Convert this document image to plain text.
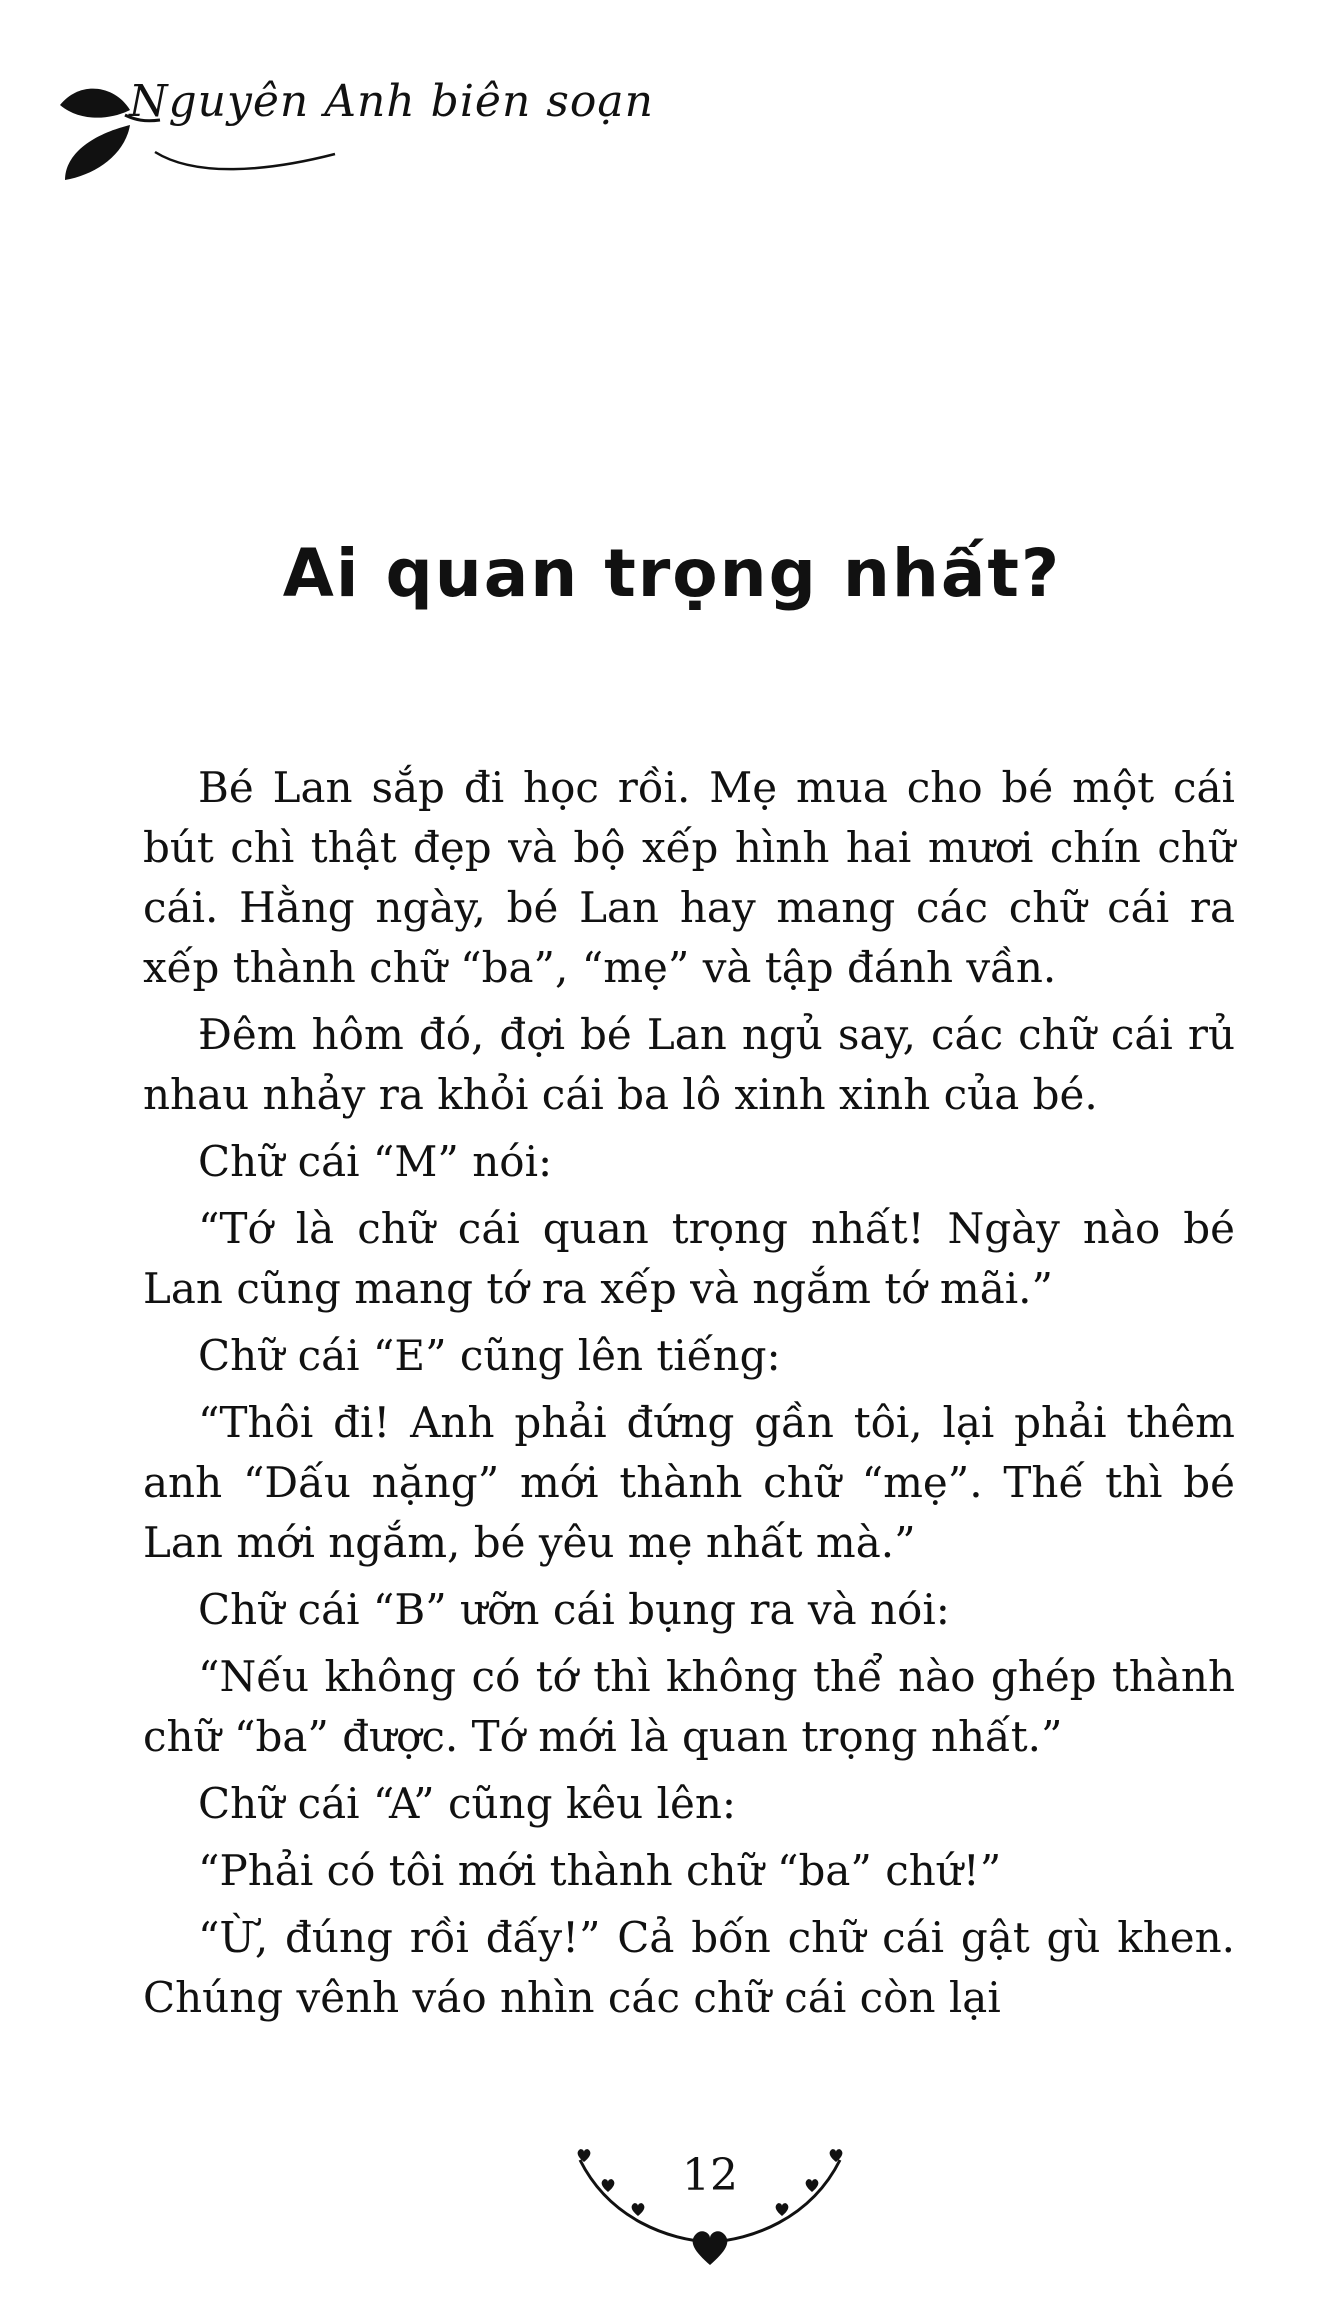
Nguyên Anh biên soạn
Ai quan trọng nhất?

Bé Lan sắp đi học rồi. Mẹ mua cho bé một cái bút chì thật đẹp và bộ xếp hình hai mươi chín chữ cái. Hằng ngày, bé Lan hay mang các chữ cái ra xếp thành chữ “ba”, “mẹ” và tập đánh vần.

Đêm hôm đó, đợi bé Lan ngủ say, các chữ cái rủ nhau nhảy ra khỏi cái ba lô xinh xinh của bé.

Chữ cái “M” nói:

“Tớ là chữ cái quan trọng nhất! Ngày nào bé Lan cũng mang tớ ra xếp và ngắm tớ mãi.”

Chữ cái “E” cũng lên tiếng:

“Thôi đi! Anh phải đứng gần tôi, lại phải thêm anh “Dấu nặng” mới thành chữ “mẹ”. Thế thì bé Lan mới ngắm, bé yêu mẹ nhất mà.”

Chữ cái “B” ưỡn cái bụng ra và nói:

“Nếu không có tớ thì không thể nào ghép thành chữ “ba” được. Tớ mới là quan trọng nhất.”

Chữ cái “A” cũng kêu lên:

“Phải có tôi mới thành chữ “ba” chứ!”

“Ừ, đúng rồi đấy!” Cả bốn chữ cái gật gù khen. Chúng vênh váo nhìn các chữ cái còn lại

12
